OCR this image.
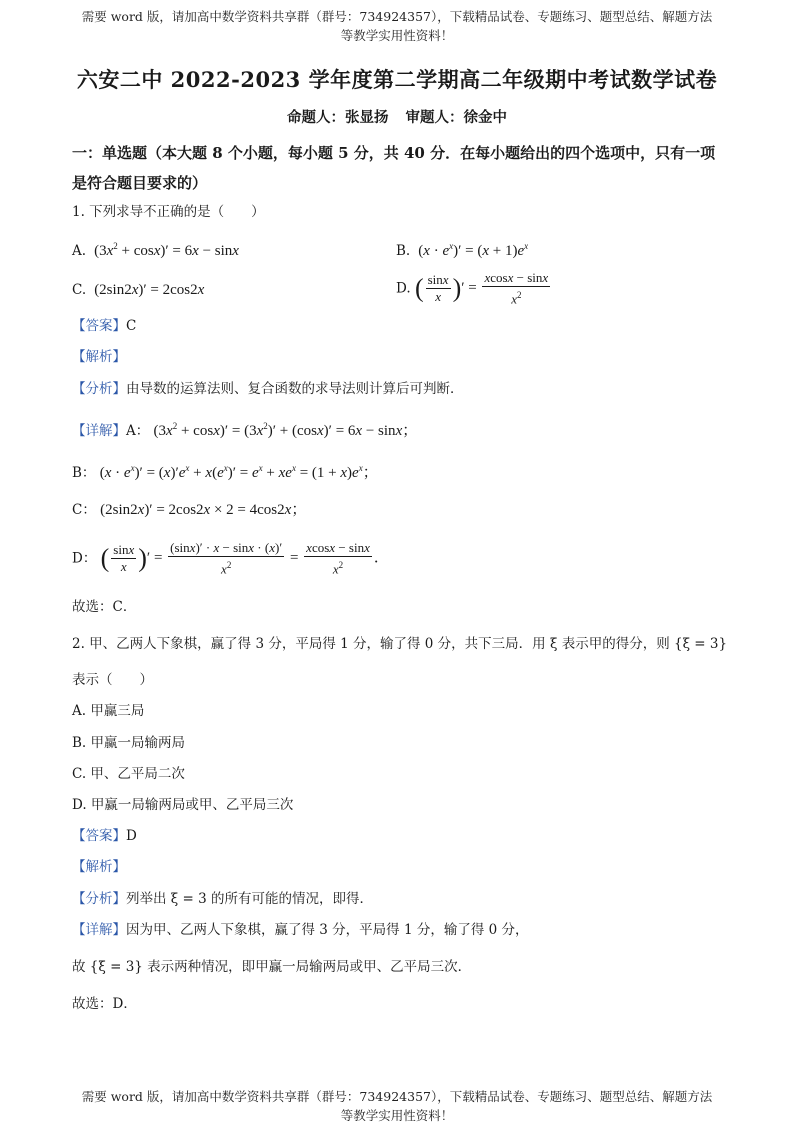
需要 word 版，请加高中数学资料共享群（群号：734924357），下载精品试卷、专题练习、题型总结、解题方法
等教学实用性资料！
六安二中 2022-2023 学年度第二学期高二年级期中考试数学试卷
命题人：张显扬 审题人：徐金中
一：单选题（本大题 8 个小题，每小题 5 分，共 40 分．在每小题给出的四个选项中，只有一项是符合题目要求的）
1. 下列求导不正确的是（　　）
A.  $(3x^2 + \cos x)' = 6x - \sin x$	B.  $(x \cdot e^x)' = (x + 1)e^x$
C.  (2sin2x)′ = 2cos2x	D. ( $\frac{\sin x}{x}$ )′ = $\frac{xcosx - \sin x}{x^2}$
【答案】C
【解析】
【分析】由导数的运算法则、复合函数的求导法则计算后可判断．
【详解】A： $(3x^2 + \cos x)' = (3x^2)' + (\cos x)' = 6x - \sin x$；
B： $(x \cdot e^x)' = (x)'e^x + x(e^x)' = e^x + xe^x = (1 + x)e^x$；
C： (2sin2x)′ = 2cos2x × 2 = 4cos2x；
D： ( $\frac{\sin x}{x}$ )′ = $\frac{(\sin x)' \cdot x - \sin x \cdot (x)'}{x^2} = \frac{xcosx - \sin x}{x^2}$ ．
故选：C．
2. 甲、乙两人下象棋，赢了得 3 分，平局得 1 分，输了得 0 分，共下三局．用 ξ 表示甲的得分，则 {ξ = 3}
表示（　　）
A. 甲赢三局
B. 甲赢一局输两局
C. 甲、乙平局二次
D. 甲赢一局输两局或甲、乙平局三次
【答案】D
【解析】
【分析】列举出 ξ = 3 的所有可能的情况，即得．
【详解】因为甲、乙两人下象棋，赢了得 3 分，平局得 1 分，输了得 0 分，
故 {ξ = 3} 表示两种情况，即甲赢一局输两局或甲、乙平局三次．
故选：D．
需要 word 版，请加高中数学资料共享群（群号：734924357），下载精品试卷、专题练习、题型总结、解题方法
等教学实用性资料！
